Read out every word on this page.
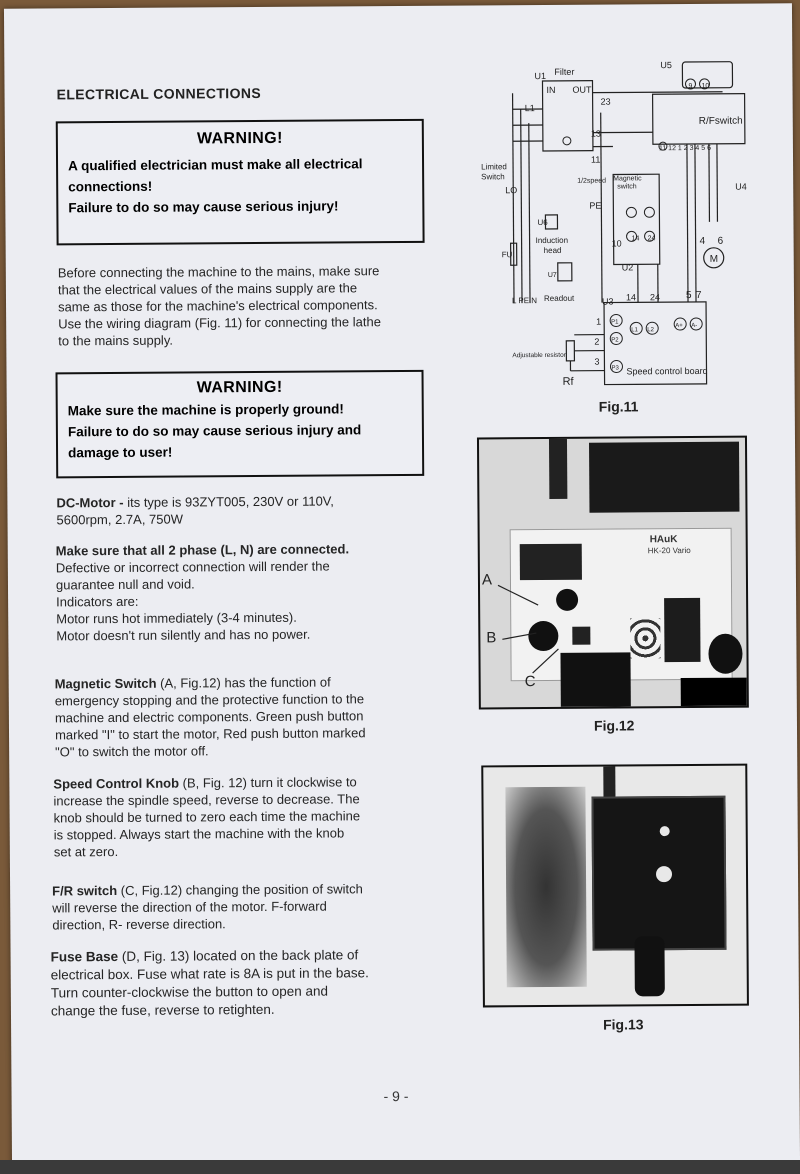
ELECTRICAL CONNECTIONS
WARNING!
A qualified electrician must make all electrical
connections!
Failure to do so may cause serious injury!
Before connecting the machine to the mains, make sure
that the electrical values of the mains supply are the
same as those for the machine's electrical components.
Use the wiring diagram (Fig. 11) for connecting the lathe
to the mains supply.
WARNING!
Make sure the machine is properly ground!
Failure to do so may cause serious injury and
damage to user!
DC-Motor - its type is 93ZYT005, 230V or 110V,
5600rpm, 2.7A, 750W
Make sure that all 2 phase (L, N) are connected.
Defective or incorrect connection will render the
guarantee null and void.
Indicators are:
Motor runs hot immediately (3-4 minutes).
Motor doesn't run silently and has no power.
Magnetic Switch (A, Fig.12) has the function of
emergency stopping and the protective function to the
machine and electric components. Green push button
marked "I" to start the motor, Red push button marked
"O" to switch the motor off.
Speed Control Knob (B, Fig. 12) turn it clockwise to
increase the spindle speed, reverse to decrease. The
knob should be turned to zero each time the machine
is stopped. Always start the machine with the knob
set at zero.
F/R switch (C, Fig.12) changing the position of switch
will reverse the direction of the motor. F-forward
direction, R- reverse direction.
Fuse Base (D, Fig. 13) located on the back plate of
electrical box. Fuse what rate is 8A is put in the base.
Turn counter-clockwise the button to open and
change the fuse, reverse to retighten.
M
U1 Filter
IN OUT
U5
L1
23
9 10
R/Fswitch
11 12 1 2 3 4 5 6
13
11
Limited
Switch
LO
1/2speed Magnetic
switch	U4
PE
U6
Induction
head
FU
10 14 24	4 6
U2
U7
L PE N Readout	U3 14 24	5 7
1 P1
L1 L2
A+ A-
2 P2
Adjustable resistor
3
P3
Rf
Speed control board
Fig.11
HAuK
HK-20 Vario
A
B
C
Fig.12
Fig.13
- 9 -
